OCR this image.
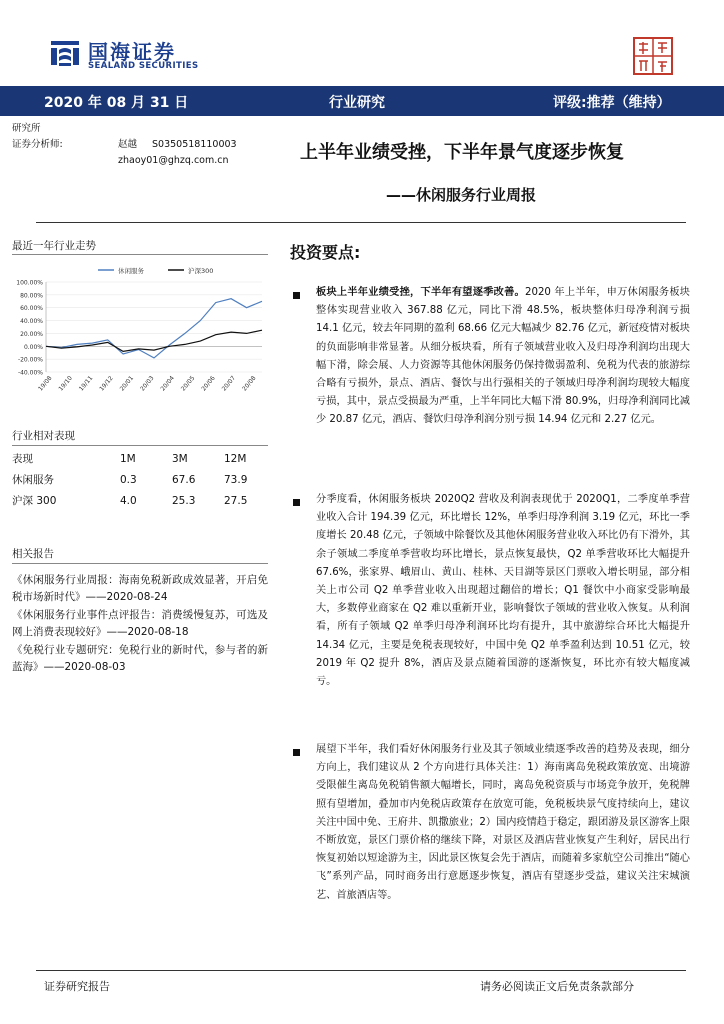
国海证券
SEALAND SECURITIES
2020 年 08 月 31 日	行业研究	评级:推荐（维持）
研究所
证券分析师:	赵越 S0350518110003
zhaoy01@ghzq.com.cn	上半年业绩受挫，下半年景气度逐步恢复
——休闲服务行业周报
最近一年行业走势
休闲服务	沪深300
100.00%
80.00%
60.00%
40.00%
20.00%
0.00%
-20.00%
-40.00%
19/08 19/10 19/11 19/12 20/01 20/03 20/04 20/05 20/06 20/07 20/08
行业相对表现
表现	1M	3M	12M
休闲服务	0.3	67.6	73.9
沪深 300	4.0	25.3	27.5
相关报告

《休闲服务行业周报：海南免税新政成效显著，开启免税市场新时代》——2020-08-24

《休闲服务行业事件点评报告：消费缓慢复苏，可选及网上消费表现较好》——2020-08-18

《免税行业专题研究：免税行业的新时代，参与者的新蓝海》——2020-08-03

投资要点:
板块上半年业绩受挫，下半年有望逐季改善。2020 年上半年，申万休闲服务板块整体实现营业收入 367.88 亿元，同比下滑 48.5%，板块整体归母净利润亏损 14.1 亿元，较去年同期的盈利 68.66 亿元大幅减少 82.76 亿元，新冠疫情对板块的负面影响非常显著。从细分板块看，所有子领域营业收入及归母净利润均出现大幅下滑，除会展、人力资源等其他休闲服务仍保持微弱盈利、免税为代表的旅游综合略有亏损外，景点、酒店、餐饮与出行强相关的子领域归母净利润均现较大幅度亏损，其中，景点受损最为严重，上半年同比大幅下滑 80.9%，归母净利润同比减少 20.87 亿元，酒店、餐饮归母净利润分别亏损 14.94 亿元和 2.27 亿元。
分季度看，休闲服务板块 2020Q2 营收及利润表现优于 2020Q1，二季度单季营业收入合计 194.39 亿元，环比增长 12%，单季归母净利润 3.19 亿元，环比一季度增长 20.48 亿元，子领域中除餐饮及其他休闲服务营业收入环比仍有下滑外，其余子领域二季度单季营收均环比增长，景点恢复最快，Q2 单季营收环比大幅提升 67.6%，张家界、峨眉山、黄山、桂林、天目湖等景区门票收入增长明显，部分相关上市公司 Q2 单季营业收入出现超过翻倍的增长；Q1 餐饮中小商家受影响最大，多数停业商家在 Q2 难以重新开业，影响餐饮子领域的营业收入恢复。从利润看，所有子领域 Q2 单季归母净利润环比均有提升，其中旅游综合环比大幅提升 14.34 亿元，主要是免税表现较好，中国中免 Q2 单季盈利达到 10.51 亿元，较 2019 年 Q2 提升 8%，酒店及景点随着国游的逐渐恢复，环比亦有较大幅度减亏。
展望下半年，我们看好休闲服务行业及其子领域业绩逐季改善的趋势及表现，细分方向上，我们建议从 2 个方向进行具体关注：1）海南离岛免税政策放宽、出境游受限催生离岛免税销售额大幅增长，同时，离岛免税资质与市场竞争放开，免税牌照有望增加，叠加市内免税店政策存在放宽可能，免税板块景气度持续向上，建议关注中国中免、王府井、凯撒旅业；2）国内疫情趋于稳定，跟团游及景区游客上限不断放宽，景区门票价格的继续下降，对景区及酒店营业恢复产生利好，居民出行恢复初始以短途游为主，因此景区恢复会先于酒店，而随着多家航空公司推出“随心飞”系列产品，同时商务出行意愿逐步恢复，酒店有望逐步受益，建议关注宋城演艺、首旅酒店等。
证券研究报告	请务必阅读正文后免责条款部分
